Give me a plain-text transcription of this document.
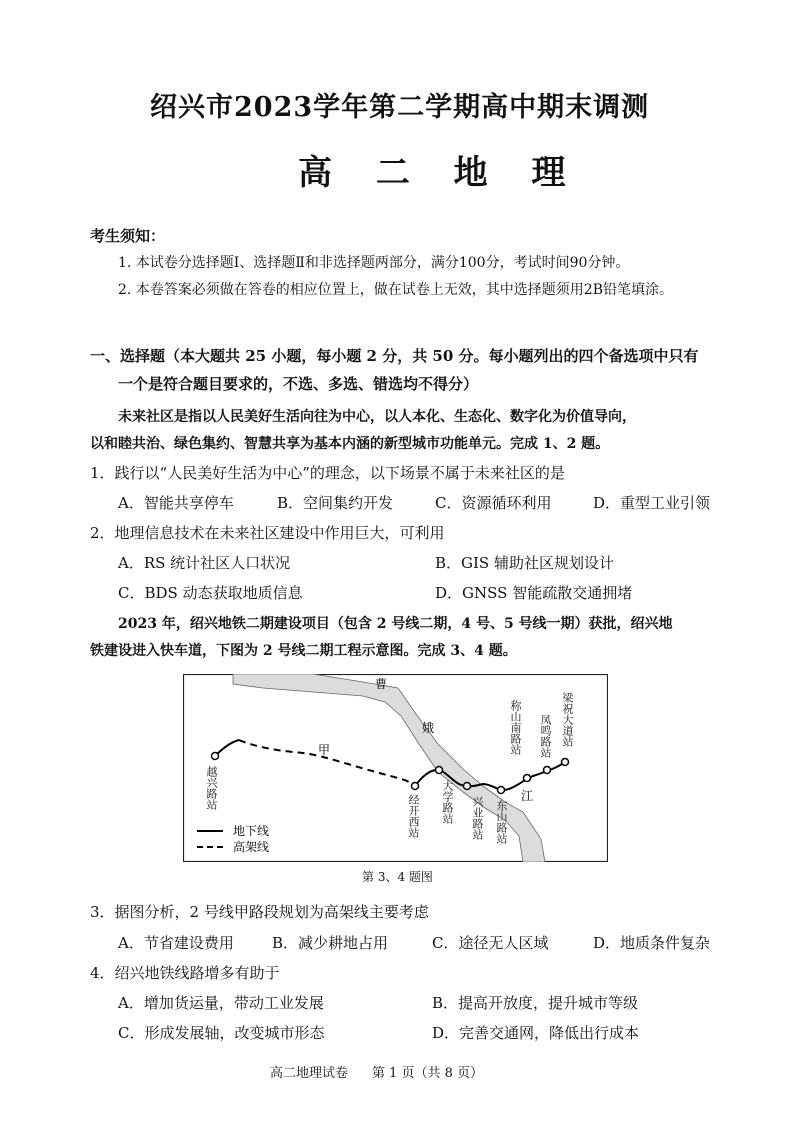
绍兴市2023学年第二学期高中期末调测
高 二 地 理
考生须知：
1. 本试卷分选择题Ⅰ、选择题Ⅱ和非选择题两部分，满分100分，考试时间90分钟。
2. 本卷答案必须做在答卷的相应位置上，做在试卷上无效，其中选择题须用2B铅笔填涂。
一、选择题（本大题共 25 小题，每小题 2 分，共 50 分。每小题列出的四个备选项中只有
一个是符合题目要求的，不选、多选、错选均不得分）
未来社区是指以人民美好生活向往为中心，以人本化、生态化、数字化为价值导向，
以和睦共治、绿色集约、智慧共享为基本内涵的新型城市功能单元。完成 1、2 题。
1．践行以“人民美好生活为中心”的理念，以下场景不属于未来社区的是
A．智能共享停车	B．空间集约开发	C．资源循环利用	D．重型工业引领
2．地理信息技术在未来社区建设中作用巨大，可利用
A．RS 统计社区人口状况	B．GIS 辅助社区规划设计
C．BDS 动态获取地质信息	D．GNSS 智能疏散交通拥堵
2023 年，绍兴地铁二期建设项目（包含 2 号线二期，4 号、5 号线一期）获批，绍兴地
铁建设进入快车道，下图为 2 号线二期工程示意图。完成 3、4 题。
曹
娥
江
甲
地下线
高架线
越兴路站
经开西站 大学路站 兴业路站 东山路站
称山南路站 凤鸣路站 梁祝大道站
第 3、4 题图
3．据图分析，2 号线甲路段规划为高架线主要考虑
A．节省建设费用	B．减少耕地占用	C．途径无人区域	D．地质条件复杂
4．绍兴地铁线路增多有助于
A．增加货运量，带动工业发展	B．提高开放度，提升城市等级
C．形成发展轴，改变城市形态	D．完善交通网，降低出行成本
高二地理试卷 第 1 页（共 8 页）
